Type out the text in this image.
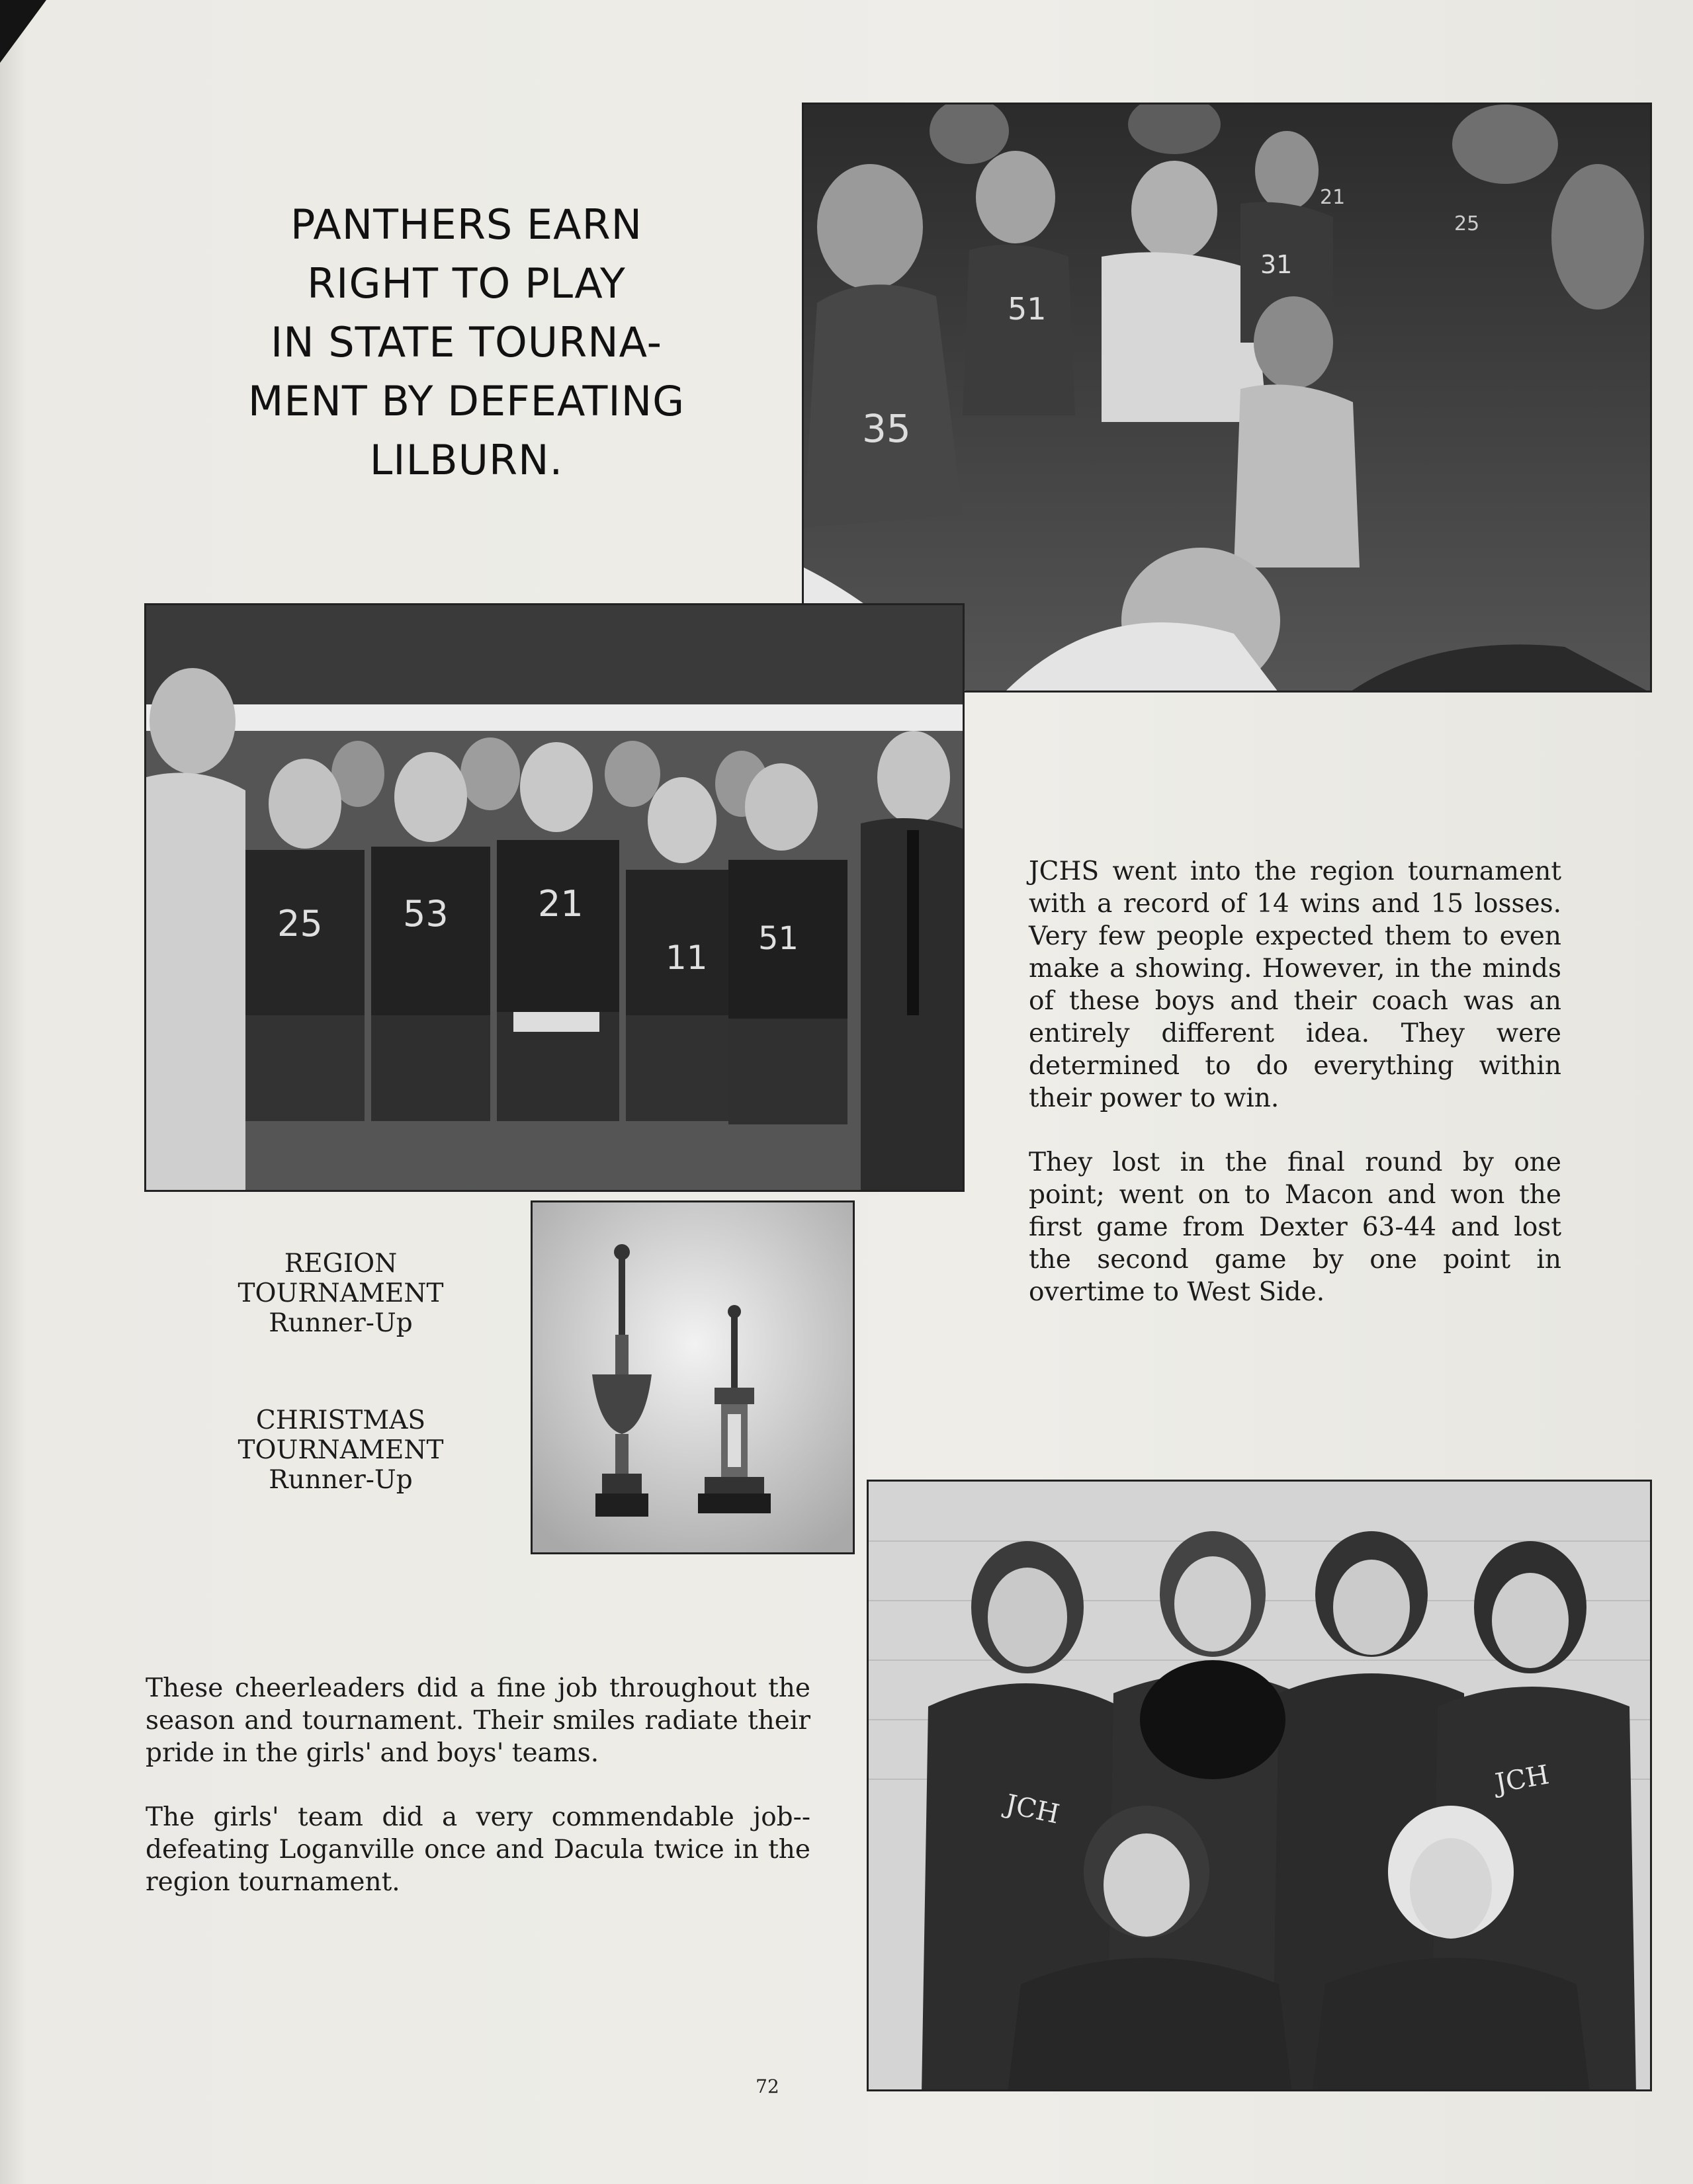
PANTHERS EARN
RIGHT TO PLAY
IN STATE TOURNA-
MENT BY DEFEATING
LILBURN.
35
51
31
21
25
25 53	21
11 51
JCH
JCH
REGION
TOURNAMENT
Runner-Up
CHRISTMAS
TOURNAMENT
Runner-Up

JCHS went into the region tournament with a record of 14 wins and 15 losses. Very few people expected them to even make a showing. However, in the minds of these boys and their coach was an entirely different idea. They were determined to do everything within their power to win.

They lost in the final round by one point; went on to Macon and won the first game from Dexter 63-44 and lost the second game by one point in overtime to West Side.

These cheerleaders did a fine job throughout the season and tournament. Their smiles radiate their pride in the girls' and boys' teams.

The girls' team did a very commendable job--defeating Loganville once and Dacula twice in the region tournament.

72
